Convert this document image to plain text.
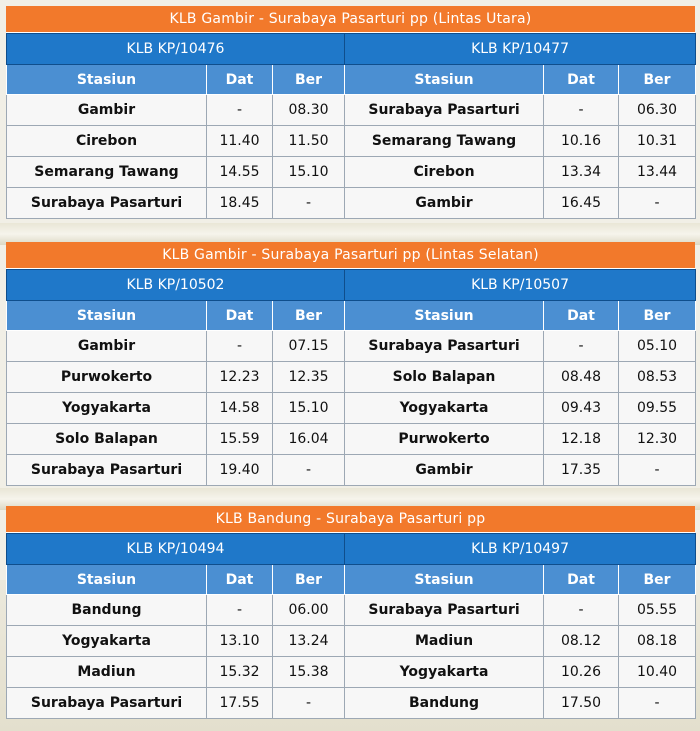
KLB Gambir - Surabaya Pasarturi pp (Lintas Utara)
KLB KP/10476			KLB KP/10477		
Stasiun	Dat	Ber	Stasiun	Dat	Ber
Gambir	-	08.30	Surabaya Pasarturi	-	06.30
Cirebon	11.40	11.50	Semarang Tawang	10.16	10.31
Semarang Tawang	14.55	15.10	Cirebon	13.34	13.44
Surabaya Pasarturi	18.45	-	Gambir	16.45	-
KLB Gambir - Surabaya Pasarturi pp (Lintas Selatan)
KLB KP/10502			KLB KP/10507		
Stasiun	Dat	Ber	Stasiun	Dat	Ber
Gambir	-	07.15	Surabaya Pasarturi	-	05.10
Purwokerto	12.23	12.35	Solo Balapan	08.48	08.53
Yogyakarta	14.58	15.10	Yogyakarta	09.43	09.55
Solo Balapan	15.59	16.04	Purwokerto	12.18	12.30
Surabaya Pasarturi	19.40	-	Gambir	17.35	-
KLB Bandung - Surabaya Pasarturi pp
KLB KP/10494			KLB KP/10497		
Stasiun	Dat	Ber	Stasiun	Dat	Ber
Bandung	-	06.00	Surabaya Pasarturi	-	05.55
Yogyakarta	13.10	13.24	Madiun	08.12	08.18
Madiun	15.32	15.38	Yogyakarta	10.26	10.40
Surabaya Pasarturi	17.55	-	Bandung	17.50	-
